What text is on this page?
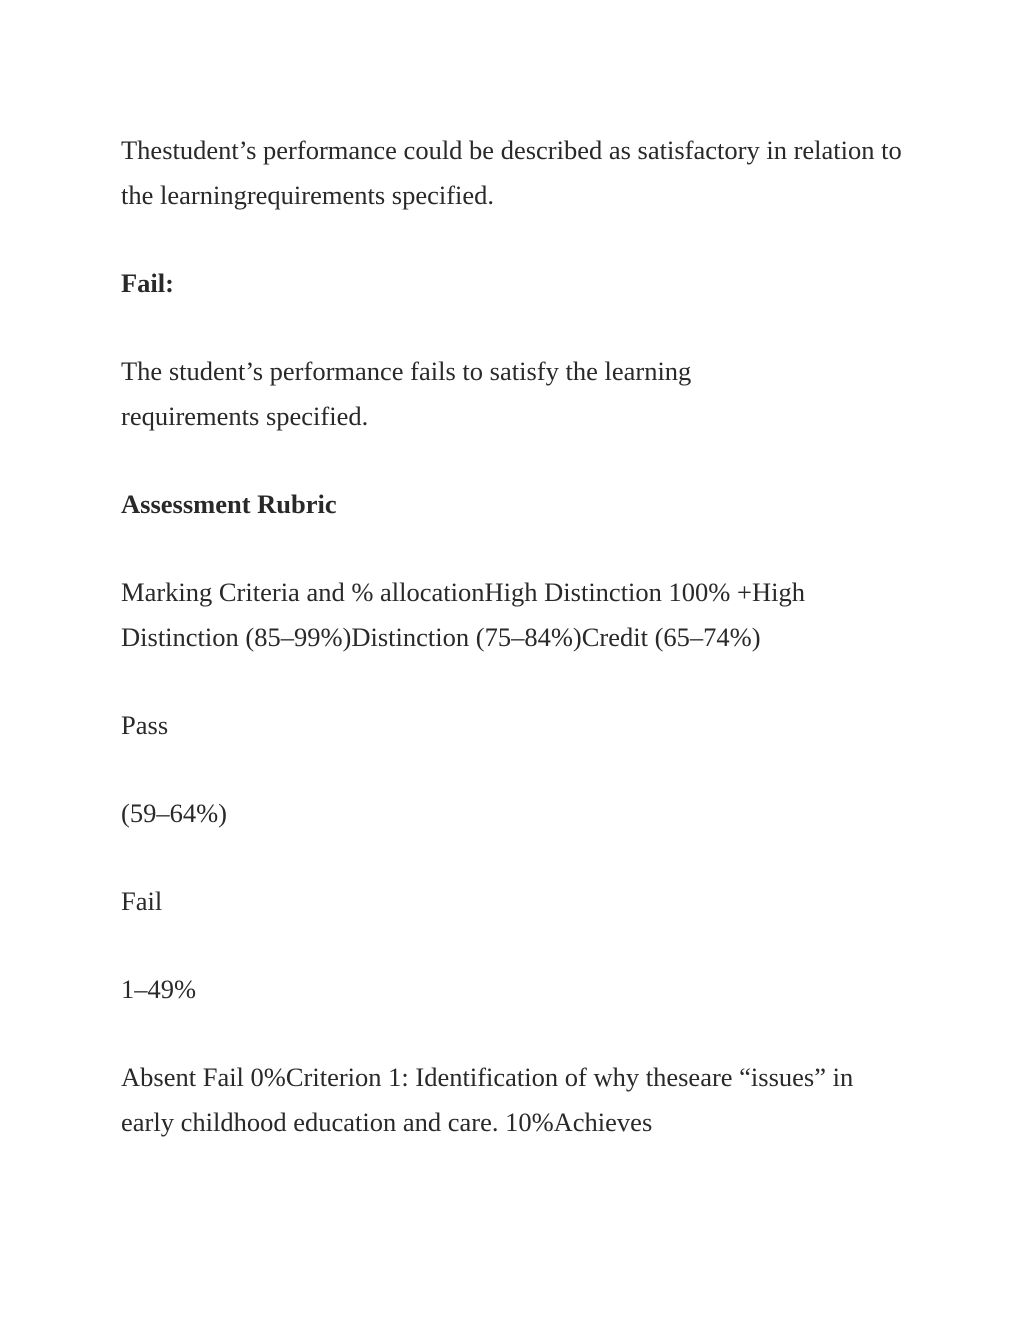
Thestudent’s performance could be described as satisfactory in relation to the learningrequirements specified.

Fail:

The student’s performance fails to satisfy the learning requirements specified.

Assessment Rubric

Marking Criteria and % allocationHigh Distinction 100% +High Distinction (85–99%)Distinction (75–84%)Credit (65–74%)

Pass

(59–64%)

Fail

1–49%

Absent Fail 0%Criterion 1: Identification of why theseare “issues” in early childhood education and care. 10%Achieves
